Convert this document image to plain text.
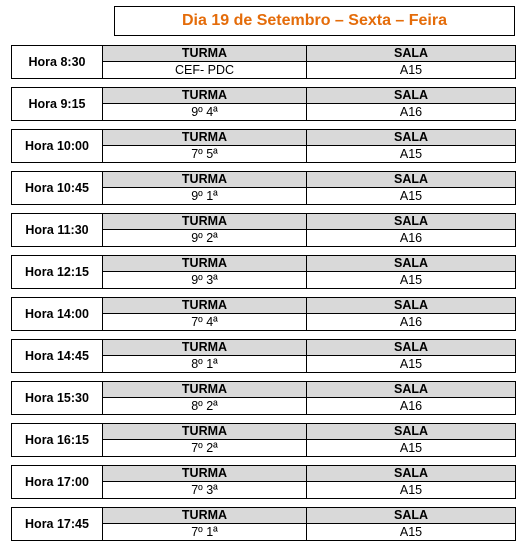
Dia 19 de Setembro – Sexta – Feira
Hora 8:30
TURMA	SALA
CEF- PDC	A15
Hora 9:15
TURMA	SALA
9º 4ª	A16
Hora 10:00
TURMA	SALA
7º 5ª	A15
Hora 10:45
TURMA	SALA
9º 1ª	A15
Hora 11:30
TURMA	SALA
9º 2ª	A16
Hora 12:15
TURMA	SALA
9º 3ª	A15
Hora 14:00
TURMA	SALA
7º 4ª	A16
Hora 14:45
TURMA	SALA
8º 1ª	A15
Hora 15:30
TURMA	SALA
8º 2ª	A16
Hora 16:15
TURMA	SALA
7º 2ª	A15
Hora 17:00
TURMA	SALA
7º 3ª	A15
Hora 17:45
TURMA	SALA
7º 1ª	A15
